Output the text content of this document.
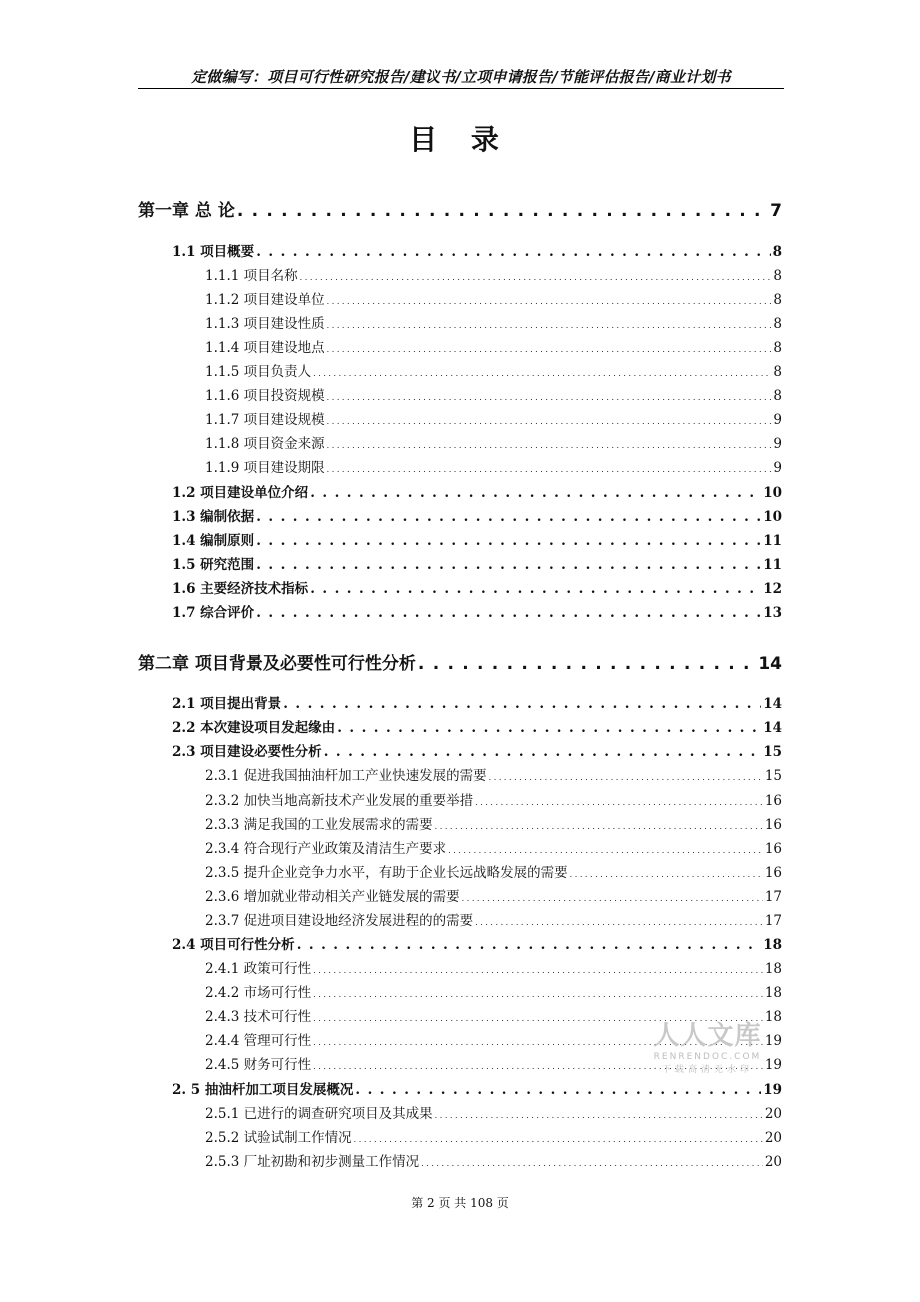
定做编写：项目可行性研究报告/建议书/立项申请报告/节能评估报告/商业计划书
目 录
第一章 总 论 . . .	7
1.1 项目概要 . . .	8
1.1.1 项目名称 . . .	8
1.1.2 项目建设单位 . . .	8
1.1.3 项目建设性质 . . .	8
1.1.4 项目建设地点 . . .	8
1.1.5 项目负责人 . . .	8
1.1.6 项目投资规模 . . .	8
1.1.7 项目建设规模 . . .	9
1.1.8 项目资金来源 . . .	9
1.1.9 项目建设期限 . . .	9
1.2 项目建设单位介绍 . . .	10
1.3 编制依据 . . .	10
1.4 编制原则 . . .	11
1.5 研究范围 . . .	11
1.6 主要经济技术指标 . . .	12
1.7 综合评价 . . .	13
第二章 项目背景及必要性可行性分析 . . .	14
2.1 项目提出背景 . . .	14
2.2 本次建设项目发起缘由 . . .	14
2.3 项目建设必要性分析 . . .	15
2.3.1 促进我国抽油杆加工产业快速发展的需要 . . .	15
2.3.2 加快当地高新技术产业发展的重要举措 . . .	16
2.3.3 满足我国的工业发展需求的需要 . . .	16
2.3.4 符合现行产业政策及清洁生产要求 . . .	16
2.3.5 提升企业竞争力水平，有助于企业长远战略发展的需要 . . .	16
2.3.6 增加就业带动相关产业链发展的需要 . . .	17
2.3.7 促进项目建设地经济发展进程的的需要 . . .	17
2.4 项目可行性分析 . . .	18
2.4.1 政策可行性 . . .	18
2.4.2 市场可行性 . . .	18
2.4.3 技术可行性 . . .	18
2.4.4 管理可行性 . . .	19
2.4.5 财务可行性 . . .	19
2. 5 抽油杆加工项目发展概况 . . .	19
2.5.1 已进行的调查研究项目及其成果 . . .	20
2.5.2 试验试制工作情况 . . .	20
2.5.3 厂址初勘和初步测量工作情况 . . .	20
人人文库
RENRENDOC.COM
下载高清无水印
第 2 页 共 108 页
